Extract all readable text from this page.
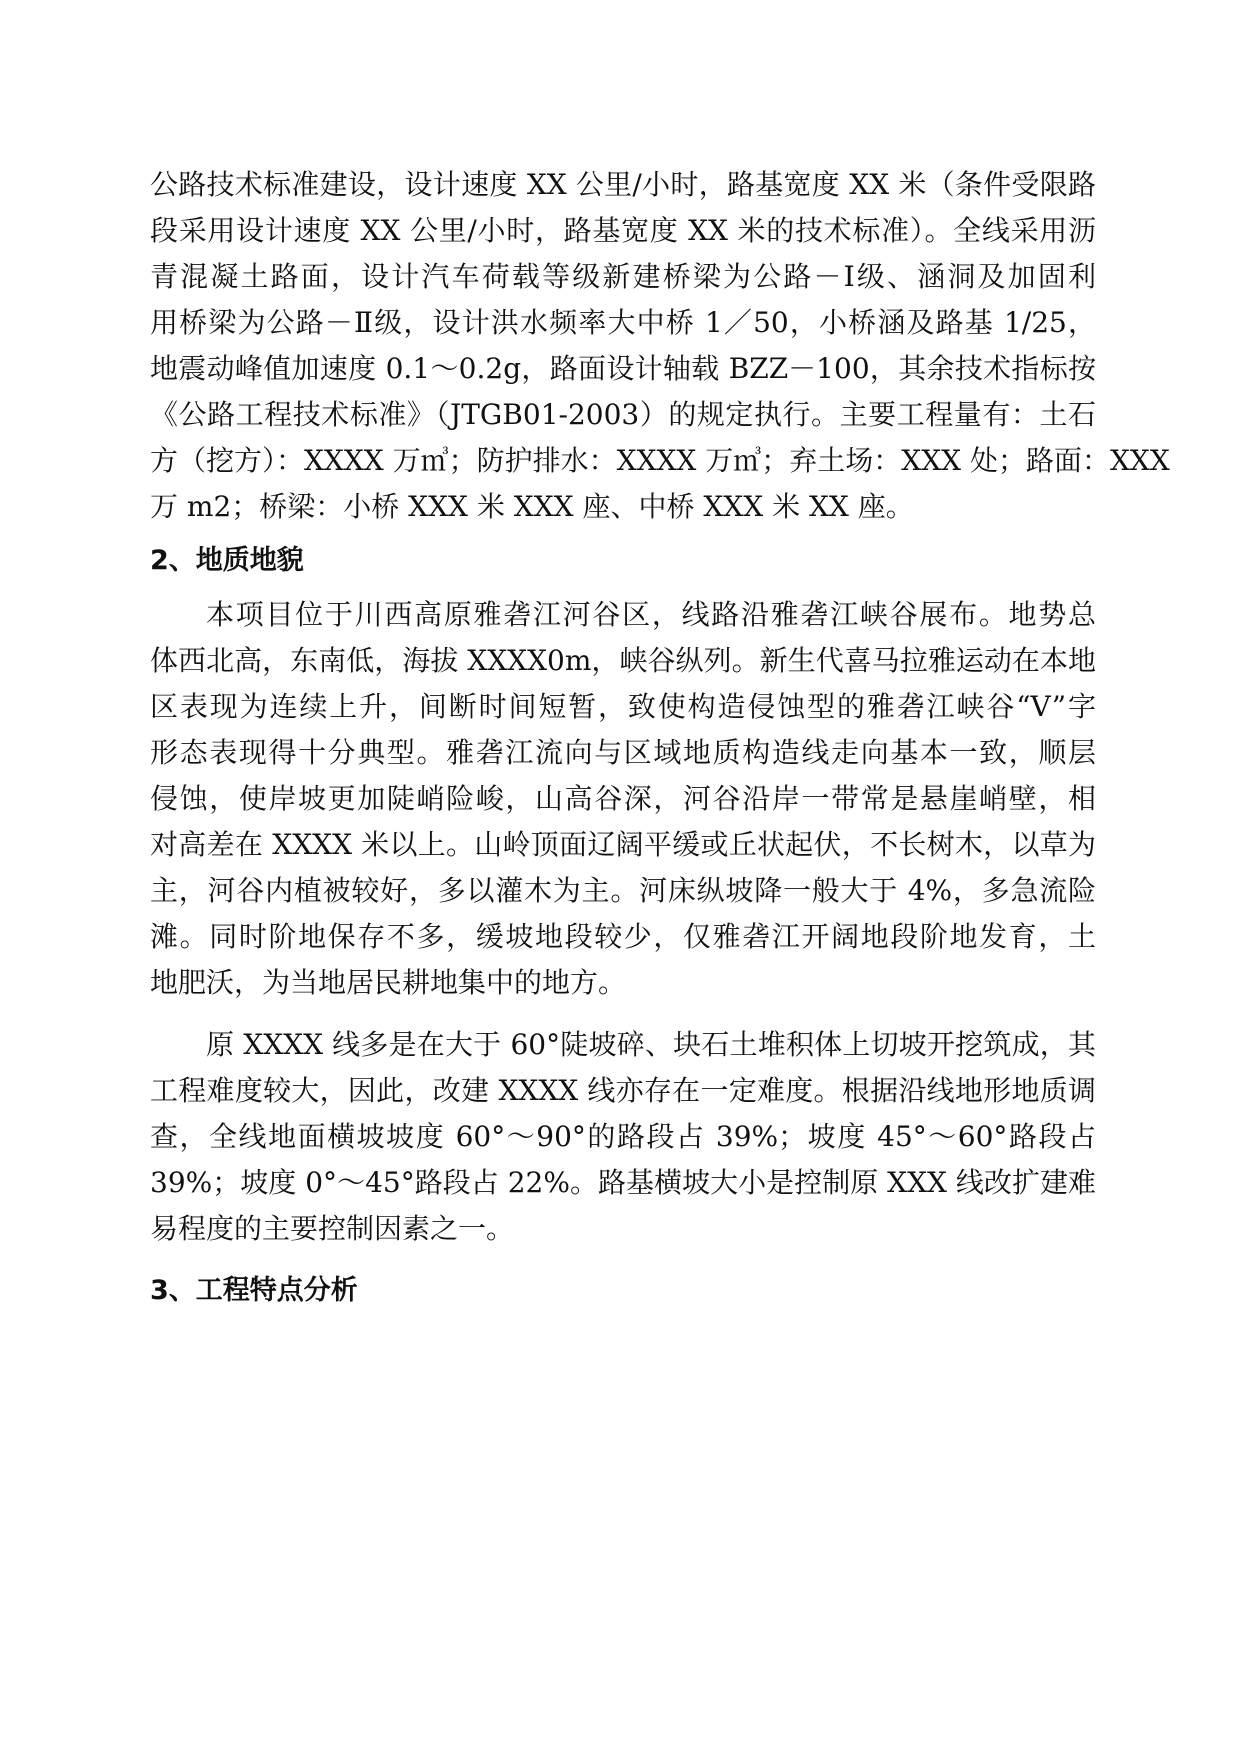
公路技术标准建设，设计速度 XX 公里/小时，路基宽度 XX 米（条件受限路

段采用设计速度 XX 公里/小时，路基宽度 XX 米的技术标准）。全线采用沥

青混凝土路面，设计汽车荷载等级新建桥梁为公路－Ⅰ级、涵洞及加固利

用桥梁为公路－Ⅱ级，设计洪水频率大中桥 1／50，小桥涵及路基 1/25，

地震动峰值加速度 0.1～0.2g，路面设计轴载 BZZ－100，其余技术指标按

《公路工程技术标准》（JTGB01-2003）的规定执行。主要工程量有：土石

方（挖方）：XXXX 万㎥；防护排水：XXXX 万㎥；弃土场：XXX 处；路面：XXX

万 m2；桥梁：小桥 XXX 米 XXX 座、中桥 XXX 米 XX 座。

2、地质地貌

本项目位于川西高原雅砻江河谷区，线路沿雅砻江峡谷展布。地势总

体西北高，东南低，海拔 XXXX0m，峡谷纵列。新生代喜马拉雅运动在本地

区表现为连续上升，间断时间短暂，致使构造侵蚀型的雅砻江峡谷“V”字

形态表现得十分典型。雅砻江流向与区域地质构造线走向基本一致，顺层

侵蚀，使岸坡更加陡峭险峻，山高谷深，河谷沿岸一带常是悬崖峭壁，相

对高差在 XXXX 米以上。山岭顶面辽阔平缓或丘状起伏，不长树木，以草为

主，河谷内植被较好，多以灌木为主。河床纵坡降一般大于 4%，多急流险

滩。同时阶地保存不多，缓坡地段较少，仅雅砻江开阔地段阶地发育，土

地肥沃，为当地居民耕地集中的地方。

原 XXXX 线多是在大于 60°陡坡碎、块石土堆积体上切坡开挖筑成，其

工程难度较大，因此，改建 XXXX 线亦存在一定难度。根据沿线地形地质调

查，全线地面横坡坡度 60°～90°的路段占 39%；坡度 45°～60°路段占

39%；坡度 0°～45°路段占 22%。路基横坡大小是控制原 XXX 线改扩建难

易程度的主要控制因素之一。

3、工程特点分析
